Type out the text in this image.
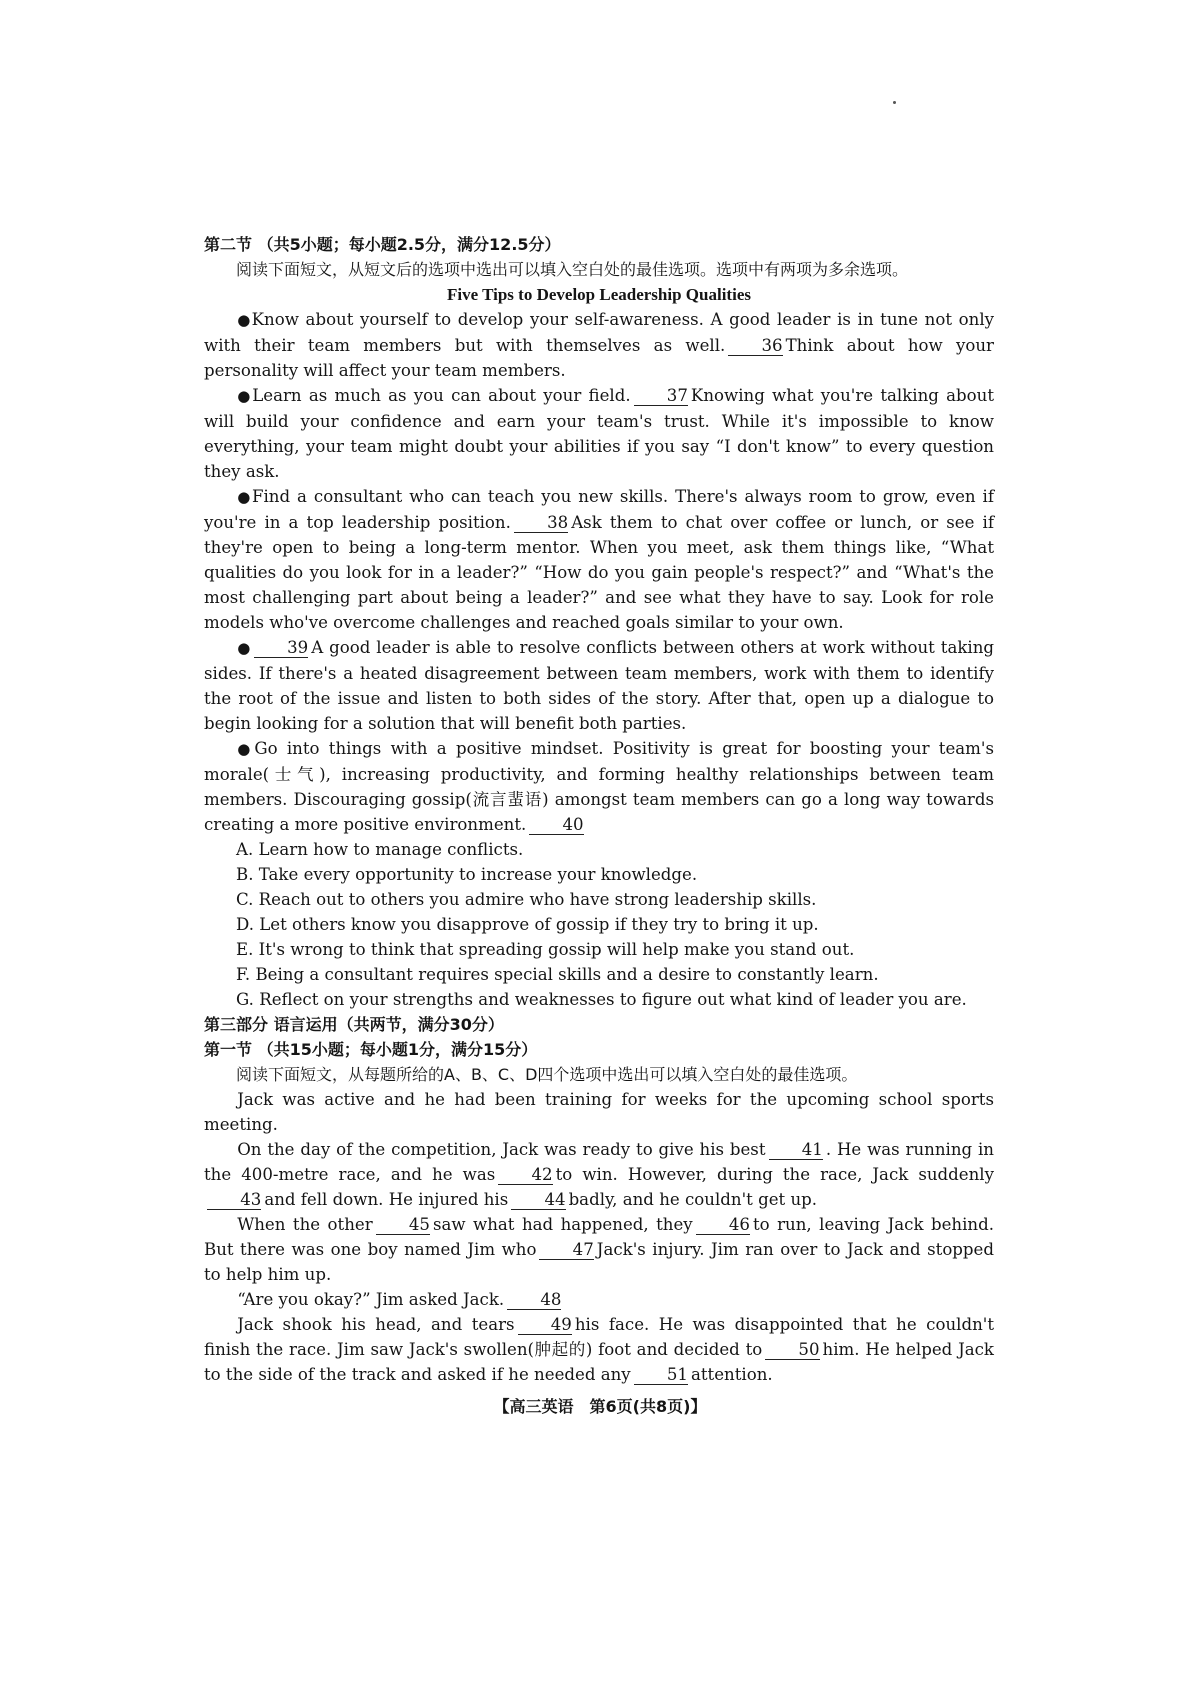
第二节 （共5小题；每小题2.5分，满分12.5分）

阅读下面短文，从短文后的选项中选出可以填入空白处的最佳选项。选项中有两项为多余选项。

Five Tips to Develop Leadership Qualities

●Know about yourself to develop your self-awareness. A good leader is in tune not only with their team members but with themselves as well. 36 Think about how your personality will affect your team members.

●Learn as much as you can about your field. 37 Knowing what you're talking about will build your confidence and earn your team's trust. While it's impossible to know everything, your team might doubt your abilities if you say “I don't know” to every question they ask.

●Find a consultant who can teach you new skills. There's always room to grow, even if you're in a top leadership position. 38 Ask them to chat over coffee or lunch, or see if they're open to being a long-term mentor. When you meet, ask them things like, “What qualities do you look for in a leader?” “How do you gain people's respect?” and “What's the most challenging part about being a leader?” and see what they have to say. Look for role models who've overcome challenges and reached goals similar to your own.

● 39 A good leader is able to resolve conflicts between others at work without taking sides. If there's a heated disagreement between team members, work with them to identify the root of the issue and listen to both sides of the story. After that, open up a dialogue to begin looking for a solution that will benefit both parties.

●Go into things with a positive mindset. Positivity is great for boosting your team's morale(士气), increasing productivity, and forming healthy relationships between team members. Discouraging gossip(流言蜚语) amongst team members can go a long way towards creating a more positive environment. 40

A. Learn how to manage conflicts.

B. Take every opportunity to increase your knowledge.

C. Reach out to others you admire who have strong leadership skills.

D. Let others know you disapprove of gossip if they try to bring it up.

E. It's wrong to think that spreading gossip will help make you stand out.

F. Being a consultant requires special skills and a desire to constantly learn.

G. Reflect on your strengths and weaknesses to figure out what kind of leader you are.

第三部分 语言运用（共两节，满分30分）

第一节 （共15小题；每小题1分，满分15分）

阅读下面短文，从每题所给的A、B、C、D四个选项中选出可以填入空白处的最佳选项。

Jack was active and he had been training for weeks for the upcoming school sports meeting.

On the day of the competition, Jack was ready to give his best 41 . He was running in the 400-metre race, and he was 42 to win. However, during the race, Jack suddenly43 and fell down. He injured his 44 badly, and he couldn't get up.

When the other 45 saw what had happened, they 46 to run, leaving Jack behind. But there was one boy named Jim who 47 Jack's injury. Jim ran over to Jack and stopped to help him up.

“Are you okay?” Jim asked Jack. 48

Jack shook his head, and tears 49 his face. He was disappointed that he couldn't finish the race. Jim saw Jack's swollen(肿起的) foot and decided to 50 him. He helped Jack to the side of the track and asked if he needed any 51 attention.

【高三英语　第6页(共8页)】
